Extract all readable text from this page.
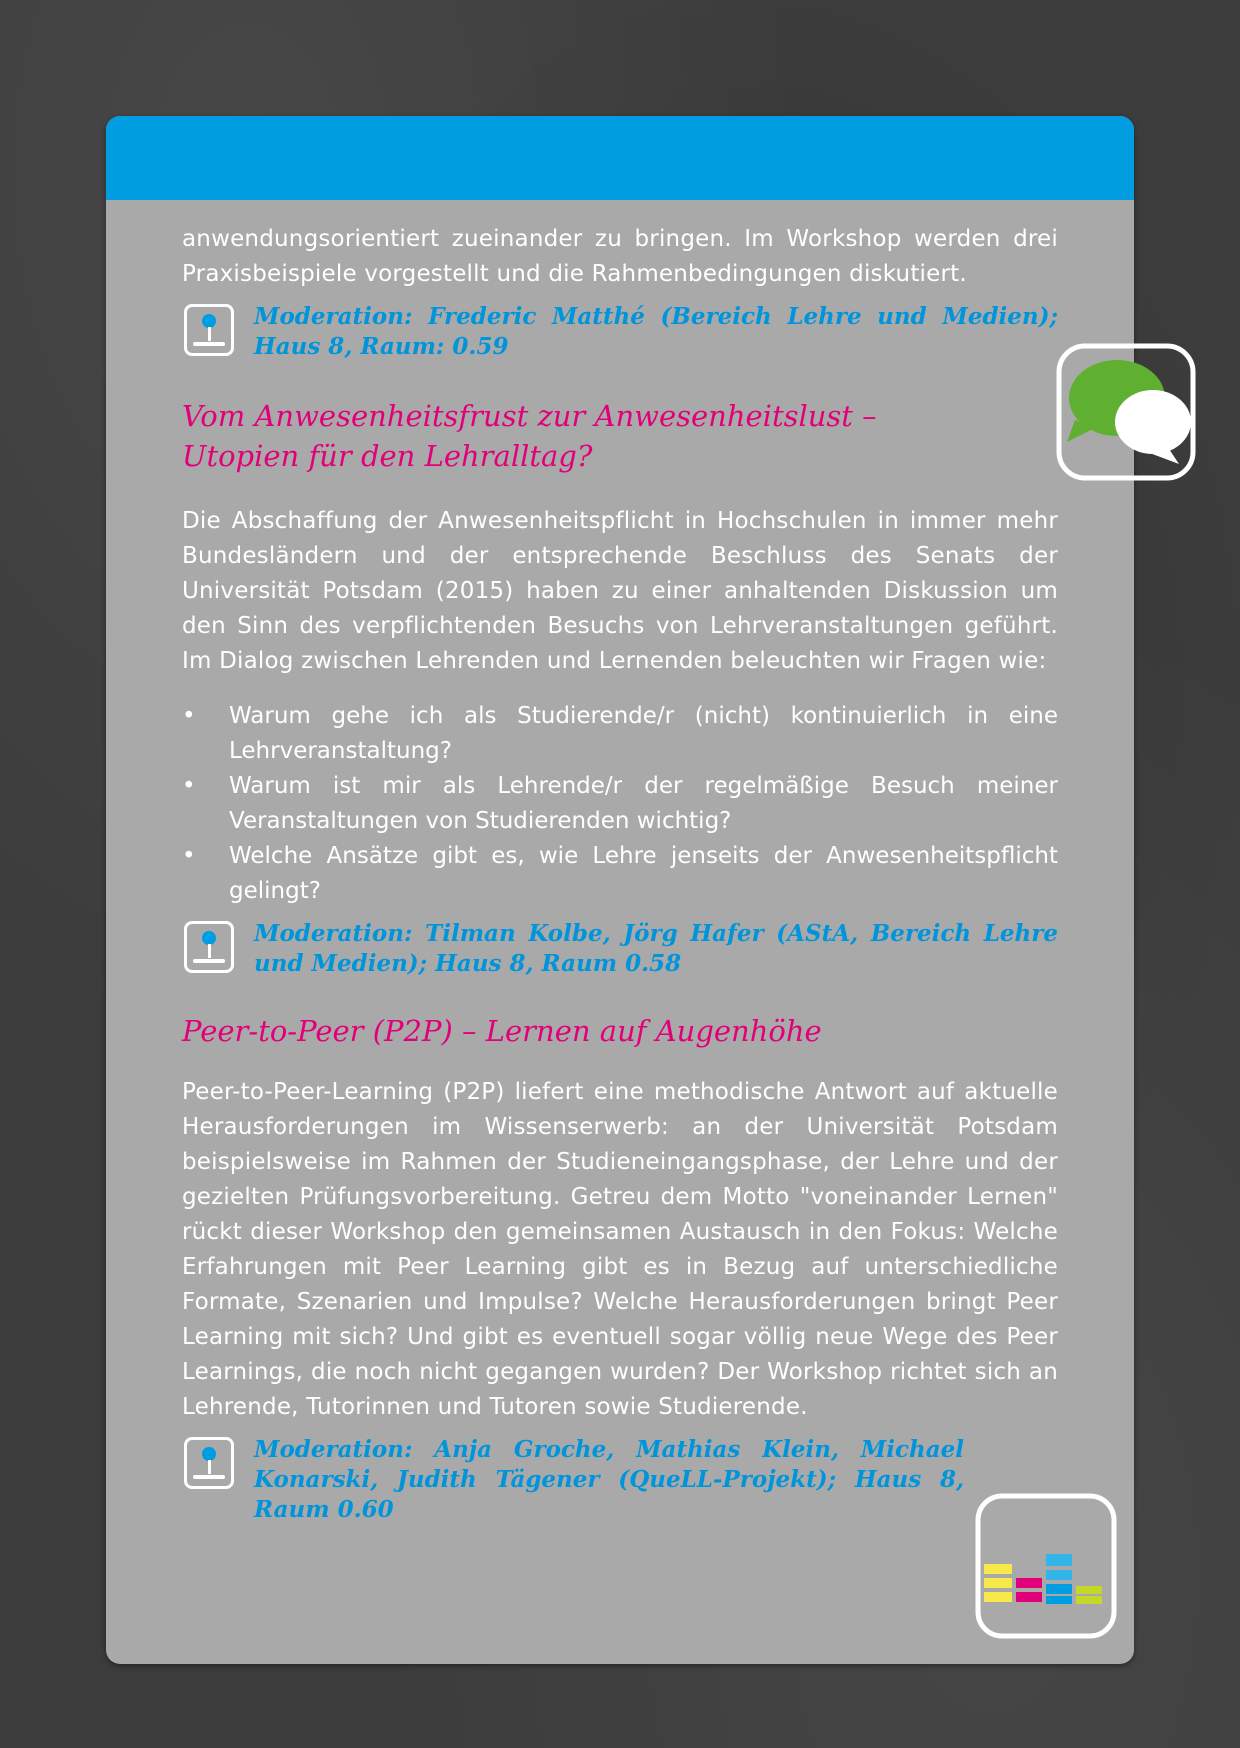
anwendungsorientiert zueinander zu bringen. Im Workshop werden drei Praxisbeispiele vorgestellt und die Rahmenbedingungen diskutiert.

Moderation: Frederic Matthé (Bereich Lehre und Medien); Haus 8, Raum: 0.59
Vom Anwesenheitsfrust zur Anwesenheitslust –
Utopien für den Lehralltag?

Die Abschaffung der Anwesenheitspflicht in Hochschulen in immer mehr Bundesländern und der entsprechende Beschluss des Senats der Universität Potsdam (2015) haben zu einer anhaltenden Diskussion um den Sinn des verpflichtenden Besuchs von Lehrveranstaltungen geführt. Im Dialog zwischen Lehrenden und Lernenden beleuchten wir Fragen wie:

• Warum gehe ich als Studierende/r (nicht) kontinuierlich in eine Lehrveranstaltung?
• Warum ist mir als Lehrende/r der regelmäßige Besuch meiner Veranstaltungen von Studierenden wichtig?
• Welche Ansätze gibt es, wie Lehre jenseits der Anwesenheitspflicht gelingt?
Moderation: Tilman Kolbe, Jörg Hafer (AStA, Bereich Lehre und Medien); Haus 8, Raum 0.58
Peer-to-Peer (P2P) – Lernen auf Augenhöhe

Peer-to-Peer-Learning (P2P) liefert eine methodische Antwort auf aktuelle Herausforderungen im Wissenserwerb: an der Universität Potsdam beispielsweise im Rahmen der Studieneingangsphase, der Lehre und der gezielten Prüfungsvorbereitung. Getreu dem Motto "voneinander Lernen" rückt dieser Workshop den gemeinsamen Austausch in den Fokus: Welche Erfahrungen mit Peer Learning gibt es in Bezug auf unterschiedliche Formate, Szenarien und Impulse? Welche Herausforderungen bringt Peer Learning mit sich? Und gibt es eventuell sogar völlig neue Wege des Peer Learnings, die noch nicht gegangen wurden? Der Workshop richtet sich an Lehrende, Tutorinnen und Tutoren sowie Studierende.

Moderation: Anja Groche, Mathias Klein, Michael Konarski, Judith Tägener (QueLL-Projekt); Haus 8, Raum 0.60
